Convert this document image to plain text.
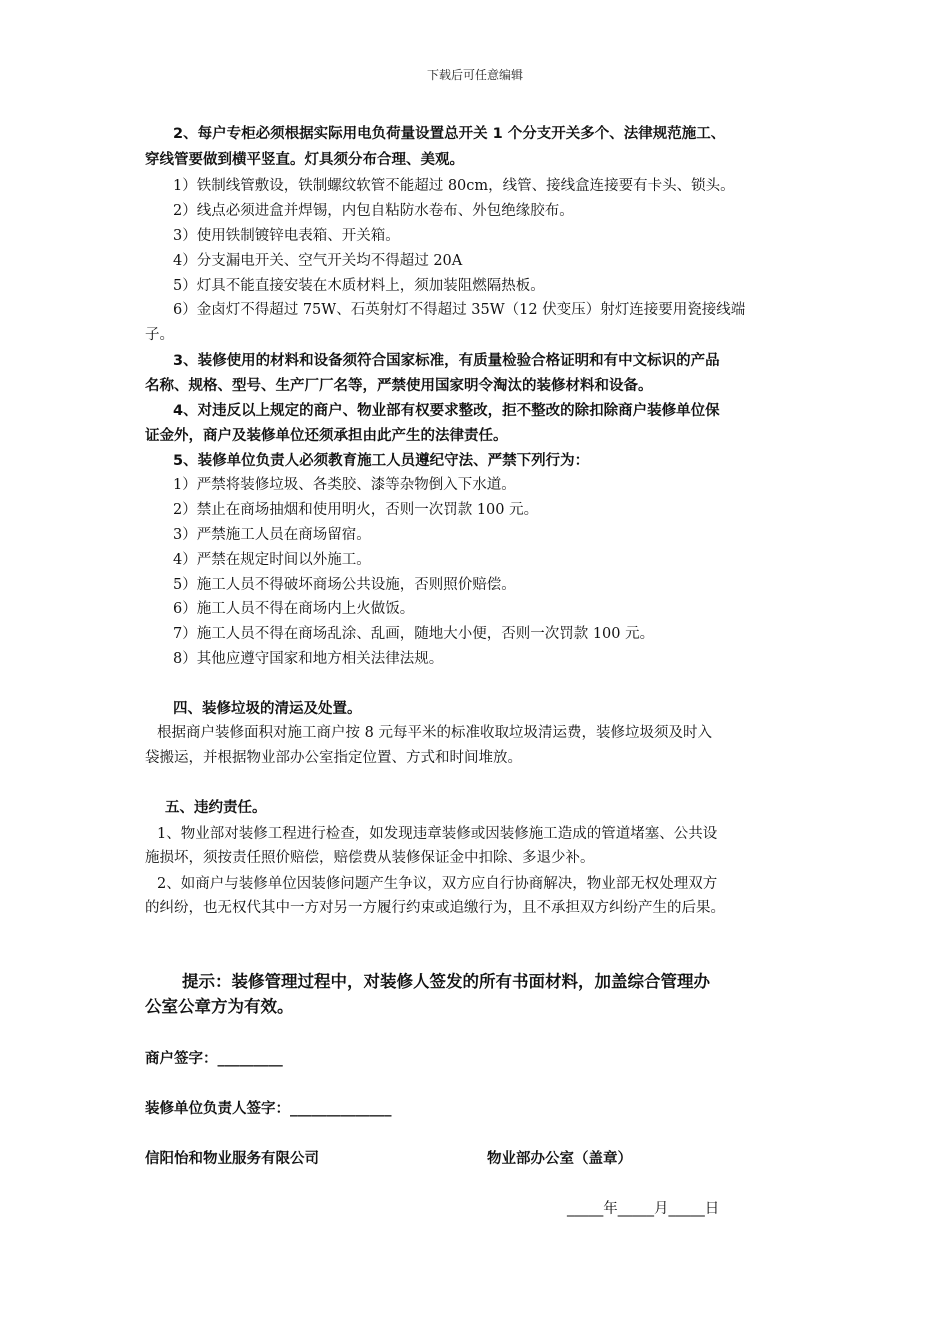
下载后可任意编辑
2、每户专柜必须根据实际用电负荷量设置总开关 1 个分支开关多个、法律规范施工、
穿线管要做到横平竖直。灯具须分布合理、美观。
1）铁制线管敷设，铁制螺纹软管不能超过 80cm，线管、接线盒连接要有卡头、锁头。
2）线点必须进盒并焊锡，内包自粘防水卷布、外包绝缘胶布。
3）使用铁制镀锌电表箱、开关箱。
4）分支漏电开关、空气开关均不得超过 20A
5）灯具不能直接安装在木质材料上，须加装阻燃隔热板。
6）金卤灯不得超过 75W、石英射灯不得超过 35W（12 伏变压）射灯连接要用瓷接线端
子。
3、装修使用的材料和设备须符合国家标准，有质量检验合格证明和有中文标识的产品
名称、规格、型号、生产厂厂名等，严禁使用国家明令淘汰的装修材料和设备。
4、对违反以上规定的商户、物业部有权要求整改，拒不整改的除扣除商户装修单位保
证金外，商户及装修单位还须承担由此产生的法律责任。
5、装修单位负责人必须教育施工人员遵纪守法、严禁下列行为：
1）严禁将装修垃圾、各类胶、漆等杂物倒入下水道。
2）禁止在商场抽烟和使用明火，否则一次罚款 100 元。
3）严禁施工人员在商场留宿。
4）严禁在规定时间以外施工。
5）施工人员不得破坏商场公共设施，否则照价赔偿。
6）施工人员不得在商场内上火做饭。
7）施工人员不得在商场乱涂、乱画，随地大小便，否则一次罚款 100 元。
8）其他应遵守国家和地方相关法律法规。
四、装修垃圾的清运及处置。
根据商户装修面积对施工商户按 8 元每平米的标准收取垃圾清运费，装修垃圾须及时入
袋搬运，并根据物业部办公室指定位置、方式和时间堆放。
五、违约责任。
1、物业部对装修工程进行检查，如发现违章装修或因装修施工造成的管道堵塞、公共设
施损坏，须按责任照价赔偿，赔偿费从装修保证金中扣除、多退少补。
2、如商户与装修单位因装修问题产生争议，双方应自行协商解决，物业部无权处理双方
的纠纷，也无权代其中一方对另一方履行约束或追缴行为，且不承担双方纠纷产生的后果。
提示：装修管理过程中，对装修人签发的所有书面材料，加盖综合管理办
公室公章方为有效。
商户签字：_________
装修单位负责人签字：______________
信阳怡和物业服务有限公司	物业部办公室（盖章）
_____年_____月_____日
